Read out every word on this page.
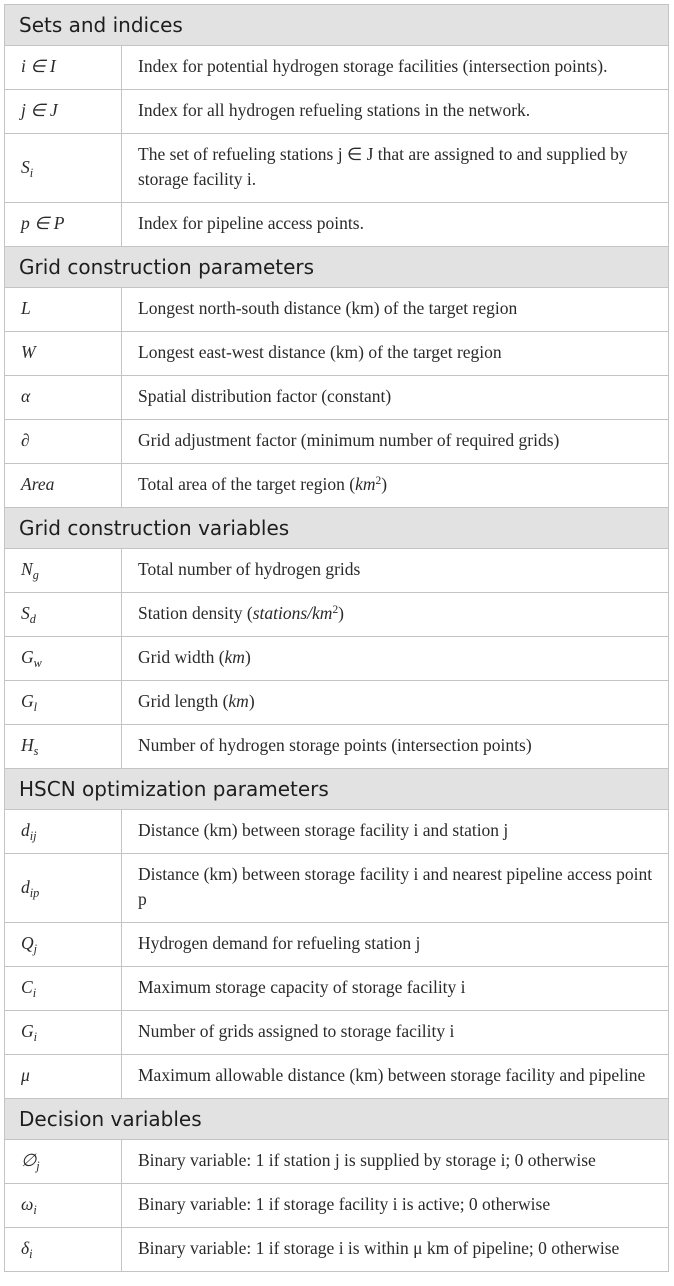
Sets and indices	
i ∈ I	Index for potential hydrogen storage facilities (intersection points).
j ∈ J	Index for all hydrogen refueling stations in the network.
$S_i$	The set of refueling stations j ∈ J that are assigned to and supplied by storage facility i.
p ∈ P	Index for pipeline access points.
Grid construction parameters	
L	Longest north-south distance (km) of the target region
W	Longest east-west distance (km) of the target region
α	Spatial distribution factor (constant)
∂	Grid adjustment factor (minimum number of required grids)
Area	Total area of the target region $(km^2)$
Grid construction variables	
$N_g$	Total number of hydrogen grids
$S_d$	Station density $(stations/km^2)$
$G_w$	Grid width (km)
$G_l$	Grid length (km)
$H_s$	Number of hydrogen storage points (intersection points)
HSCN optimization parameters	
$d_{ij}$	Distance (km) between storage facility i and station j
$d_{ip}$	Distance (km) between storage facility i and nearest pipeline access point p
$Q_j$	Hydrogen demand for refueling station j
$C_i$	Maximum storage capacity of storage facility i
$G_i$	Number of grids assigned to storage facility i
μ	Maximum allowable distance (km) between storage facility and pipeline
Decision variables	
$\emptyset_j$	Binary variable: 1 if station j is supplied by storage i; 0 otherwise
$\omega_i$	Binary variable: 1 if storage facility i is active; 0 otherwise
$\delta_i$	Binary variable: 1 if storage i is within μ km of pipeline; 0 otherwise
